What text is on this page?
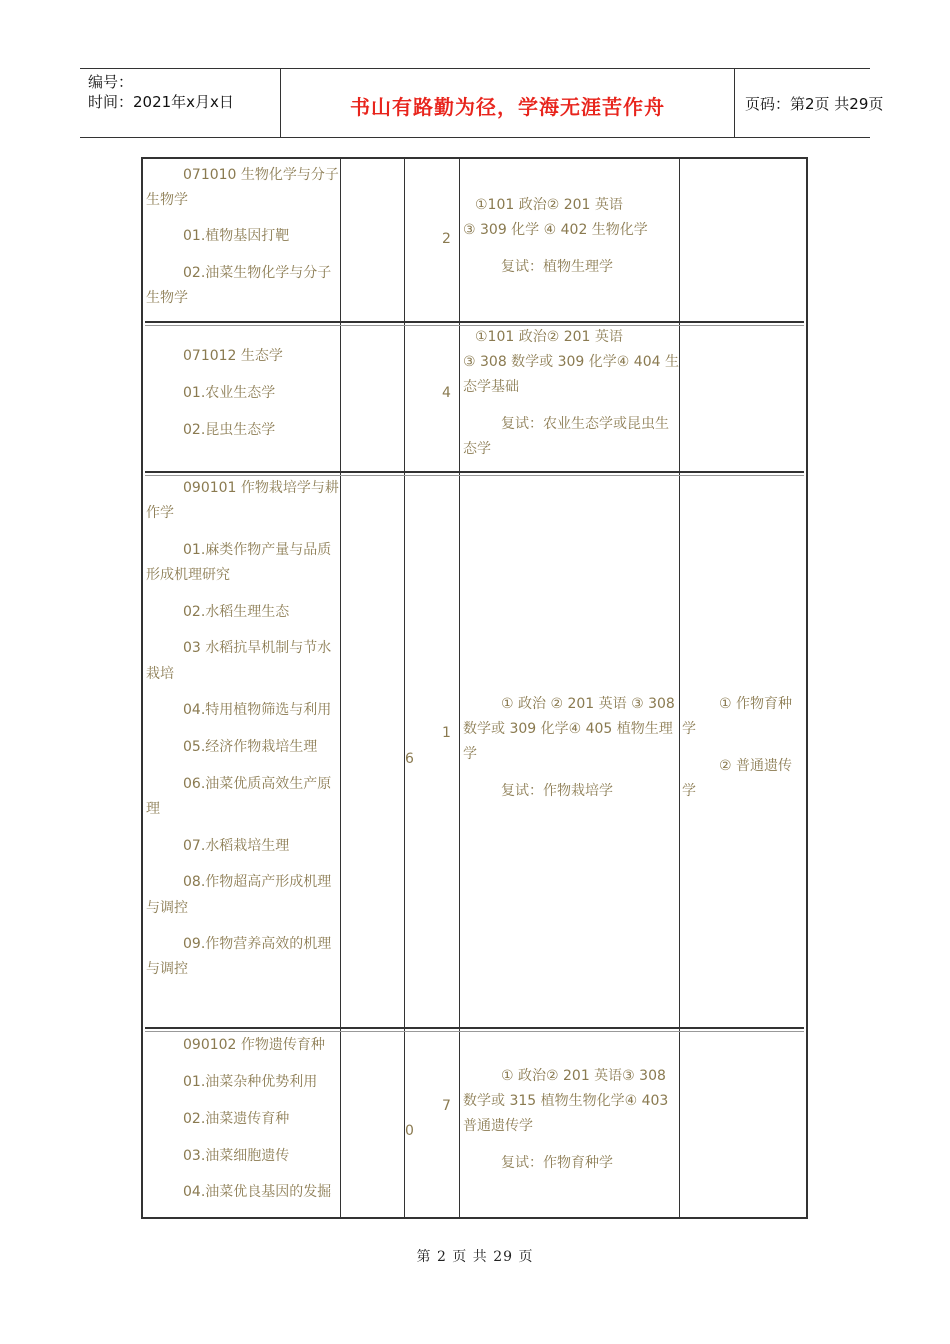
编号：
时间：2021年x月x日	书山有路勤为径，学海无涯苦作舟	页码：第2页 共29页
071010 生物化学与分子
生物学
01.植物基因打靶
02.油菜生物化学与分子
生物学
2
①101 政治② 201 英语
③ 309 化学 ④ 402 生物化学
复试：植物生理学
071012 生态学
01.农业生态学
02.昆虫生态学
4
①101 政治② 201 英语
③ 308 数学或 309 化学④ 404 生
态学基础
复试：农业生态学或昆虫生
态学
090101 作物栽培学与耕
作学
01.麻类作物产量与品质
形成机理研究
02.水稻生理生态
03 水稻抗旱机制与节水
栽培
04.特用植物筛选与利用
05.经济作物栽培生理
06.油菜优质高效生产原
理
07.水稻栽培生理
08.作物超高产形成机理
与调控
09.作物营养高效的机理
与调控
1
6
① 政治 ② 201 英语 ③ 308
数学或 309 化学④ 405 植物生理
学
复试：作物栽培学
① 作物育种
学
② 普通遗传
学
090102 作物遗传育种
01.油菜杂种优势利用
02.油菜遗传育种
03.油菜细胞遗传
04.油菜优良基因的发掘
7
0
① 政治② 201 英语③ 308
数学或 315 植物生物化学④ 403
普通遗传学
复试：作物育种学
第 2 页 共 29 页
